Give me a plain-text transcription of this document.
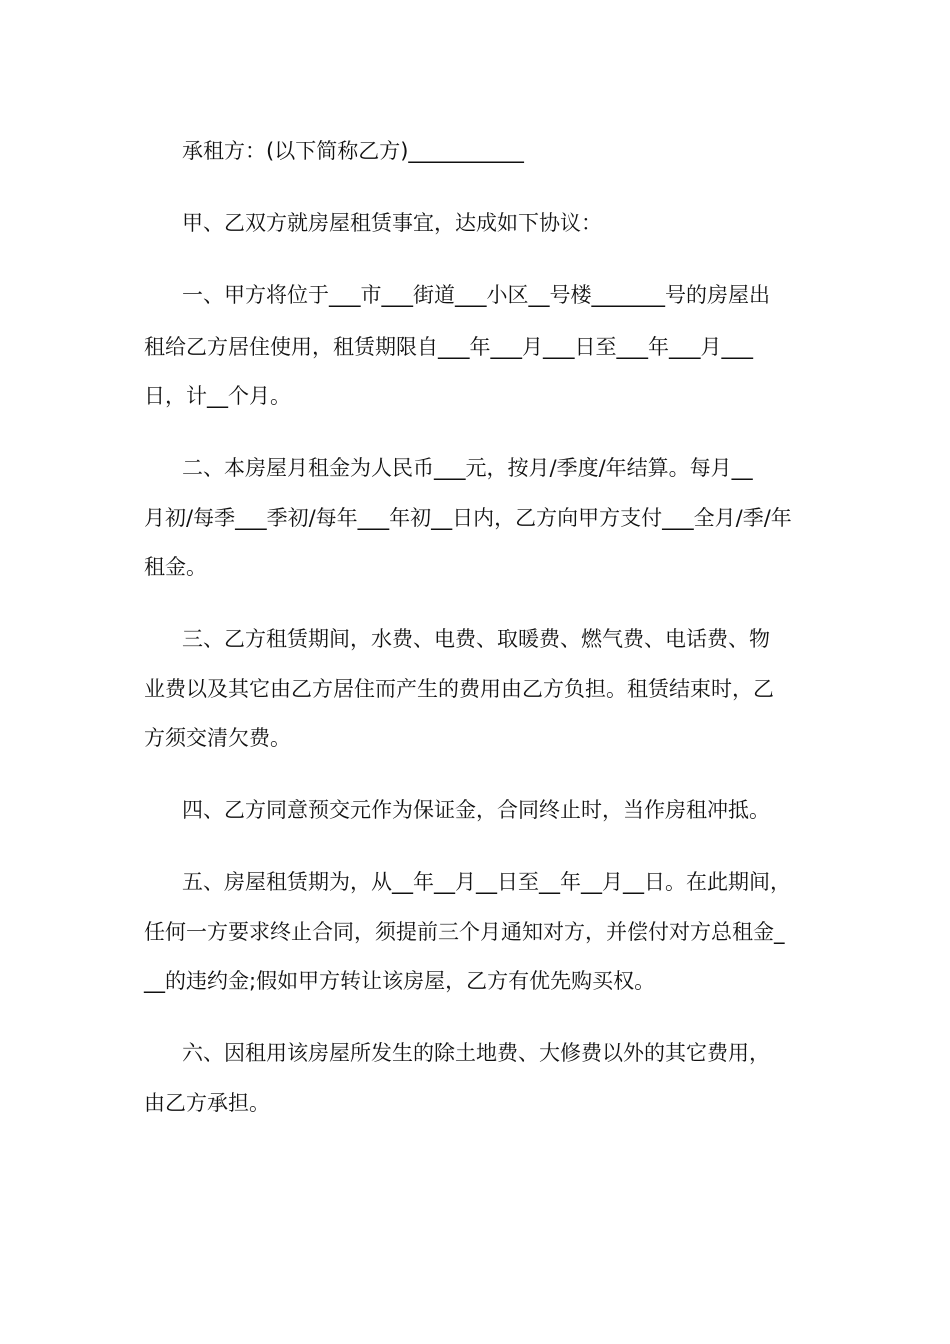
承租方：(以下简称乙方)___________
甲、乙双方就房屋租赁事宜，达成如下协议：
一、甲方将位于___市___街道___小区__号楼_______号的房屋出
租给乙方居住使用，租赁期限自___年___月___日至___年___月___
日，计__个月。
二、本房屋月租金为人民币___元，按月/季度/年结算。每月__
月初/每季___季初/每年___年初__日内，乙方向甲方支付___全月/季/年
租金。
三、乙方租赁期间，水费、电费、取暖费、燃气费、电话费、物
业费以及其它由乙方居住而产生的费用由乙方负担。租赁结束时，乙
方须交清欠费。
四、乙方同意预交元作为保证金，合同终止时，当作房租冲抵。
五、房屋租赁期为，从__年__月__日至__年__月__日。在此期间，
任何一方要求终止合同，须提前三个月通知对方，并偿付对方总租金_
__的违约金;假如甲方转让该房屋，乙方有优先购买权。
六、因租用该房屋所发生的除土地费、大修费以外的其它费用，
由乙方承担。
